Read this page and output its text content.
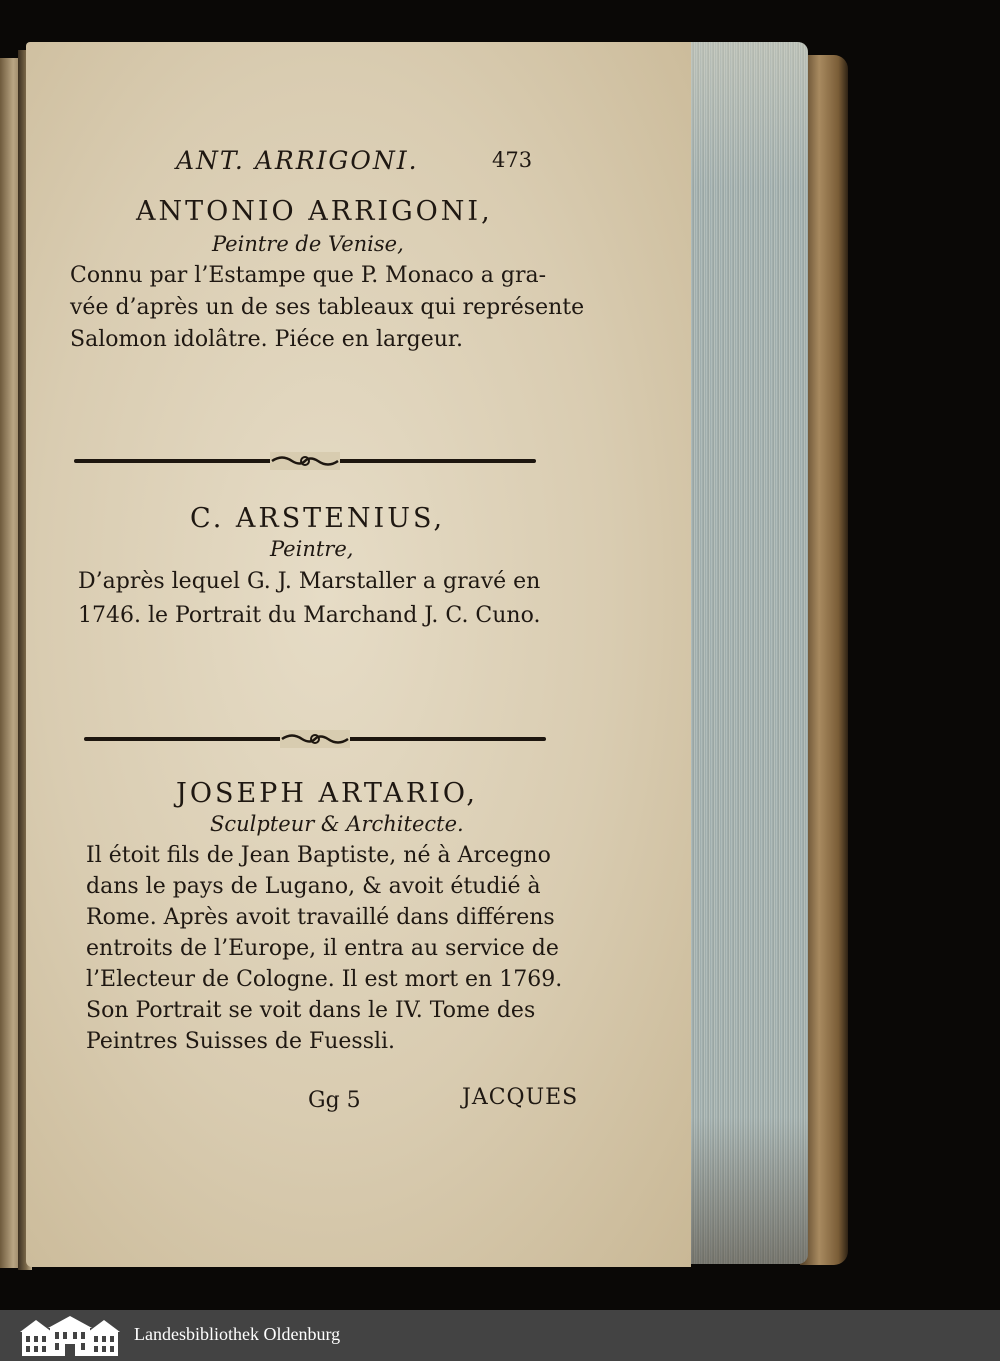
ANT. ARRIGONI.	473
ANTONIO ARRIGONI,
Peintre de Venise,
Connu par l’Estampe que P. Monaco a gra-
vée d’après un de ses tableaux qui représente
Salomon idolâtre. Piéce en largeur.
C. ARSTENIUS,
Peintre,
D’après lequel G. J. Marstaller a gravé en
1746. le Portrait du Marchand J. C. Cuno.
JOSEPH ARTARIO,
Sculpteur & Architecte.
Il étoit fils de Jean Baptiste, né à Arcegno
dans le pays de Lugano, & avoit étudié à
Rome. Après avoit travaillé dans différens
entroits de l’Europe, il entra au service de
l’Electeur de Cologne. Il est mort en 1769.
Son Portrait se voit dans le IV. Tome des
Peintres Suisses de Fuessli.
Gg 5	JACQUES
Landesbibliothek Oldenburg
